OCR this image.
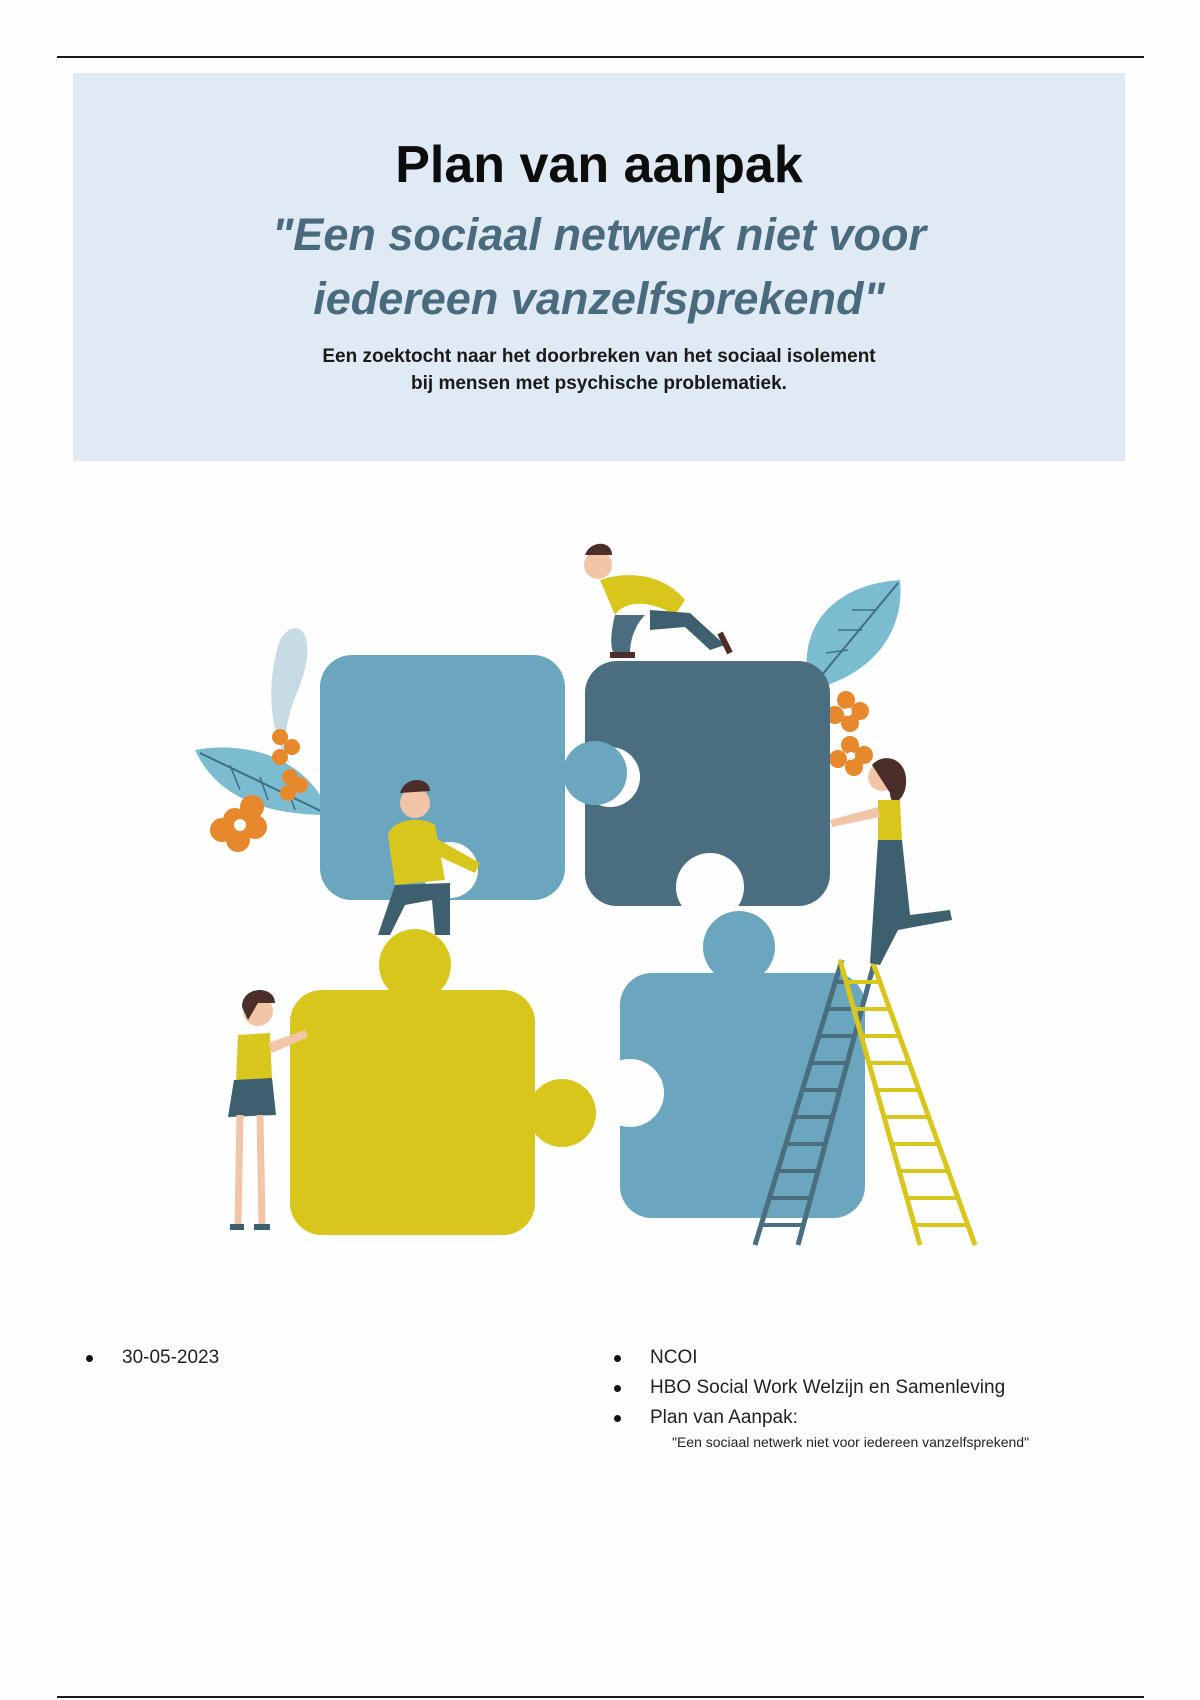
Plan van aanpak
"Een sociaal netwerk niet voor iedereen vanzelfsprekend"
Een zoektocht naar het doorbreken van het sociaal isolement
bij mensen met psychische problematiek.
30-05-2023	NCOI
HBO Social Work Welzijn en Samenleving
Plan van Aanpak:
"Een sociaal netwerk niet voor iedereen vanzelfsprekend"
